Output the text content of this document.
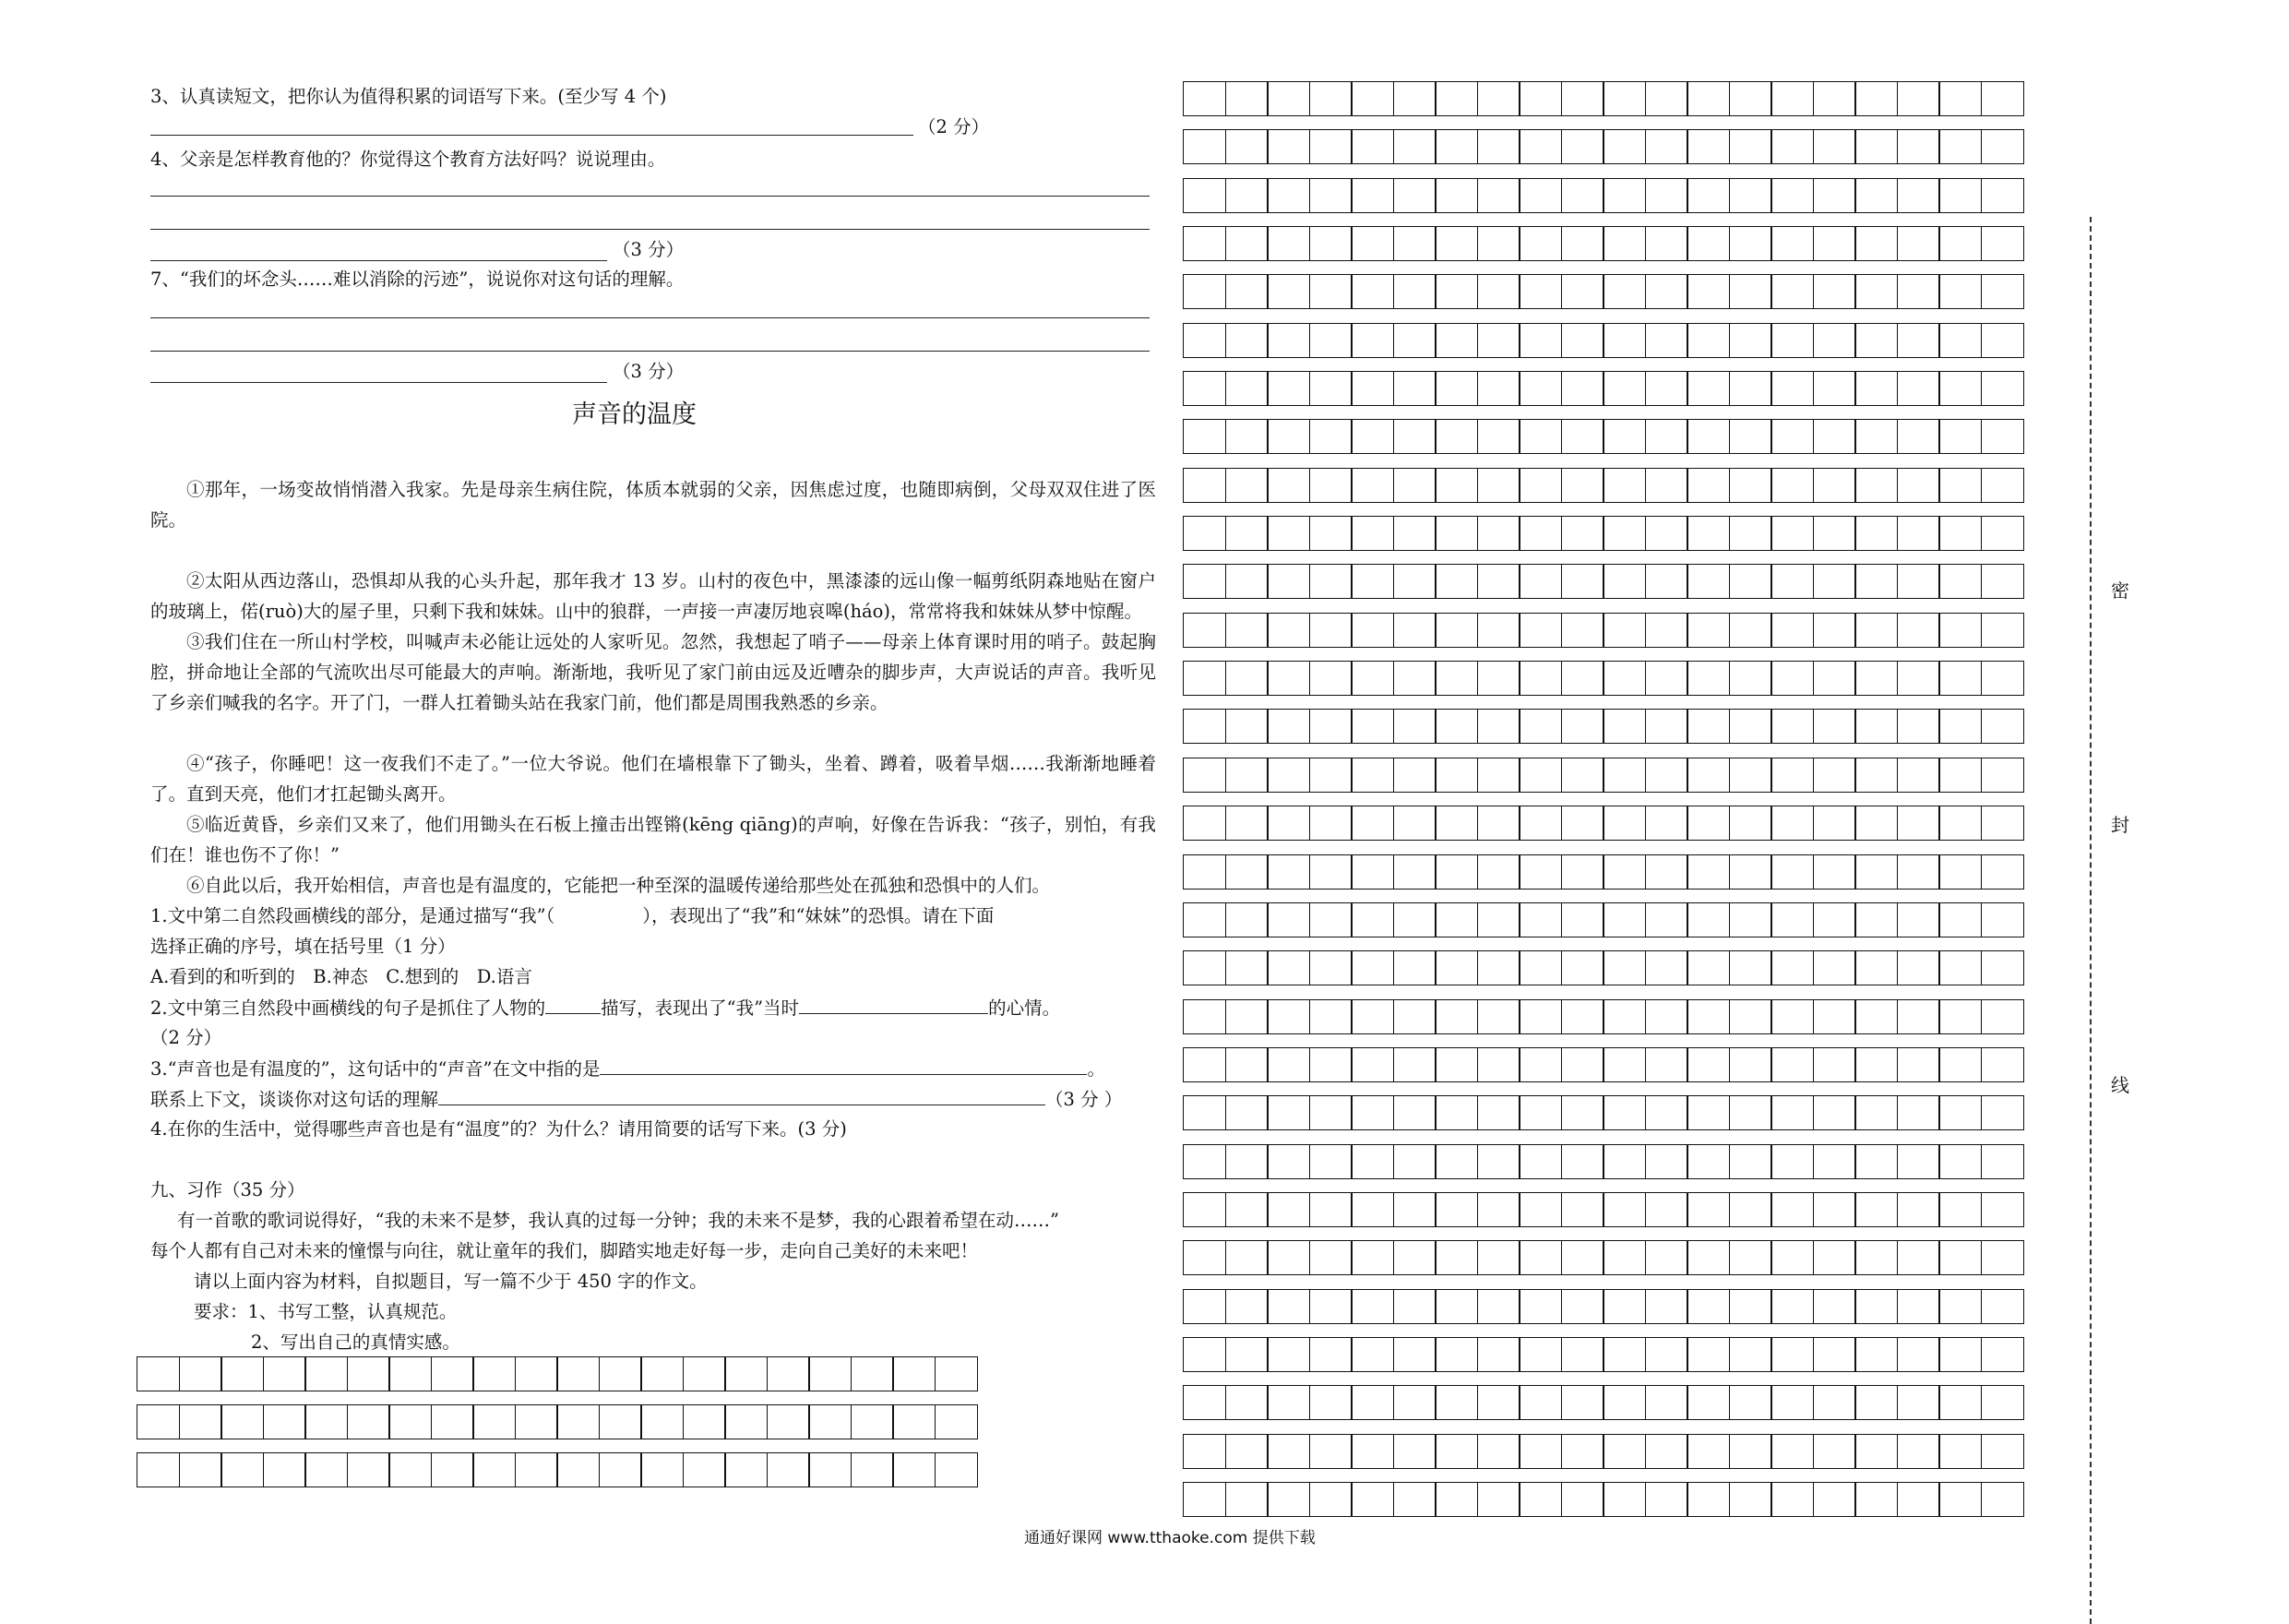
3、认真读短文，把你认为值得积累的词语写下来。(至少写 4 个)
（2 分）
4、父亲是怎样教育他的？你觉得这个教育方法好吗？说说理由。
（3 分）
7、“我们的坏念头……难以消除的污迹”，说说你对这句话的理解。
（3 分）
声音的温度
①那年，一场变故悄悄潜入我家。先是母亲生病住院，体质本就弱的父亲，因焦虑过度，也随即病倒，父母双双住进了医院。
②太阳从西边落山，恐惧却从我的心头升起，那年我才 13 岁。山村的夜色中，黑漆漆的远山像一幅剪纸阴森地贴在窗户的玻璃上，偌(ruò)大的屋子里，只剩下我和妹妹。山中的狼群，一声接一声凄厉地哀嗥(háo)，常常将我和妹妹从梦中惊醒。
③我们住在一所山村学校，叫喊声未必能让远处的人家听见。忽然，我想起了哨子——母亲上体育课时用的哨子。鼓起胸腔，拼命地让全部的气流吹出尽可能最大的声响。渐渐地，我听见了家门前由远及近嘈杂的脚步声，大声说话的声音。我听见了乡亲们喊我的名字。开了门，一群人扛着锄头站在我家门前，他们都是周围我熟悉的乡亲。
④“孩子，你睡吧！这一夜我们不走了。”一位大爷说。他们在墙根靠下了锄头，坐着、蹲着，吸着旱烟……我渐渐地睡着了。直到天亮，他们才扛起锄头离开。
⑤临近黄昏，乡亲们又来了，他们用锄头在石板上撞击出铿锵(kēng qiāng)的声响，好像在告诉我：“孩子，别怕，有我们在！谁也伤不了你！”
⑥自此以后，我开始相信，声音也是有温度的，它能把一种至深的温暖传递给那些处在孤独和恐惧中的人们。
1.文中第二自然段画横线的部分，是通过描写“我”（	），表现出了“我”和“妹妹”的恐惧。请在下面
选择正确的序号，填在括号里（1 分）
A.看到的和听到的　B.神态　C.想到的　D.语言
2.文中第三自然段中画横线的句子是抓住了人物的	描写，表现出了“我”当时	的心情。
（2 分）
3.“声音也是有温度的”，这句话中的“声音”在文中指的是	。
联系上下文，谈谈你对这句话的理解	（3 分 ）
4.在你的生活中，觉得哪些声音也是有“温度”的？为什么？请用简要的话写下来。(3 分)
九、习作（35 分）
有一首歌的歌词说得好，“我的未来不是梦，我认真的过每一分钟；我的未来不是梦，我的心跟着希望在动……”
每个人都有自己对未来的憧憬与向往，就让童年的我们，脚踏实地走好每一步，走向自己美好的未来吧！
请以上面内容为材料，自拟题目，写一篇不少于 450 字的作文。
要求：1、书写工整，认真规范。
2、写出自己的真情实感。
密
封
线
通通好课网 www.tthaoke.com 提供下载
